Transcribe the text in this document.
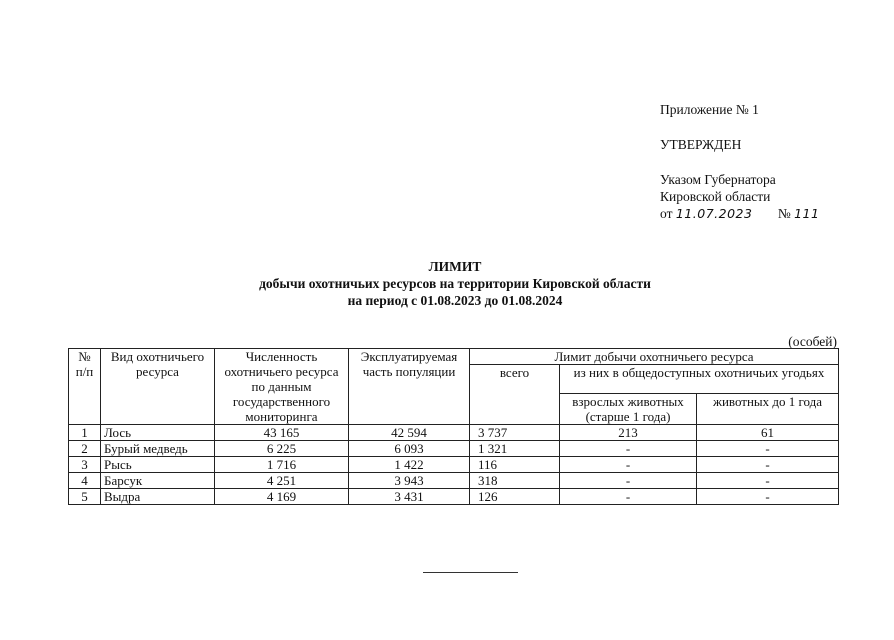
Приложение № 1

УТВЕРЖДЕН

Указом Губернатора

Кировской области

от 11.07.2023 № 111

ЛИМИТ
добычи охотничьих ресурсов на территории Кировской области
на период с 01.08.2023 до 01.08.2024
(особей)
№ п/п	Вид охотничьего ресурса	Численность охотничьего ресурса по данным государственного мониторинга	Эксплуатируемая часть популяции	Лимит добычи охотничьего ресурса		
				всего	из них в общедоступных охотничьих угодьях	
					взрослых животных (старше 1 года)	животных до 1 года
1	Лось	43 165	42 594	3 737	213	61
2	Бурый медведь	6 225	6 093	1 321	-	-
3	Рысь	1 716	1 422	116	-	-
4	Барсук	4 251	3 943	318	-	-
5	Выдра	4 169	3 431	126	-	-
